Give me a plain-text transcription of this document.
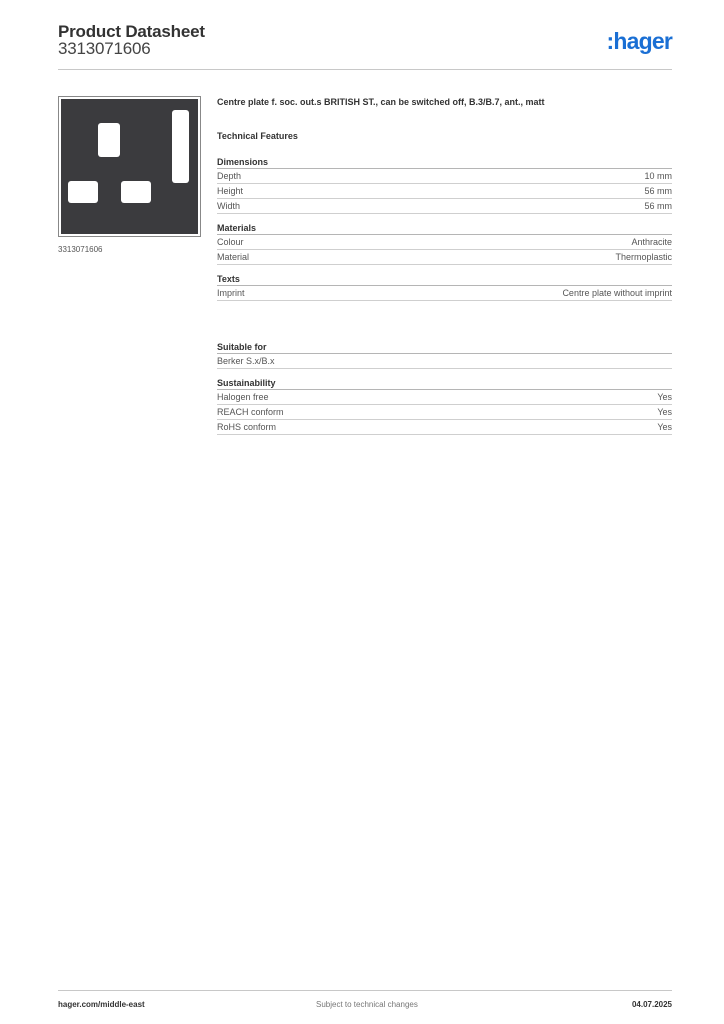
Product Datasheet
3313071606	:hager
3313071606
Centre plate f. soc. out.s BRITISH ST., can be switched off, B.3/B.7, ant., matt
Technical Features
Dimensions
Depth	10 mm
Height	56 mm
Width	56 mm
Materials
Colour	Anthracite
Material	Thermoplastic
Texts
Imprint	Centre plate without imprint
Suitable for
Berker S.x/B.x
Sustainability
Halogen free	Yes
REACH conform	Yes
RoHS conform	Yes
hager.com/middle-east	Subject to technical changes	04.07.2025
